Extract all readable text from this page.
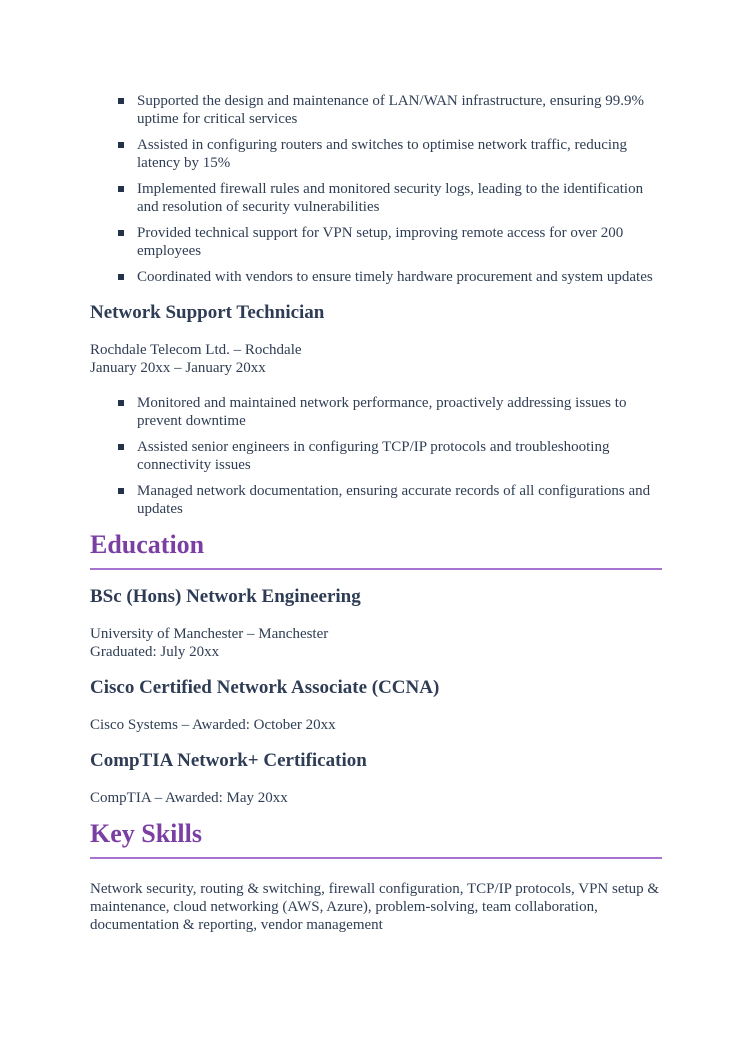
Supported the design and maintenance of LAN/WAN infrastructure, ensuring 99.9% uptime for critical services
Assisted in configuring routers and switches to optimise network traffic, reducing latency by 15%
Implemented firewall rules and monitored security logs, leading to the identification and resolution of security vulnerabilities
Provided technical support for VPN setup, improving remote access for over 200 employees
Coordinated with vendors to ensure timely hardware procurement and system updates
Network Support Technician
Rochdale Telecom Ltd. – Rochdale
January 20xx – January 20xx
Monitored and maintained network performance, proactively addressing issues to prevent downtime
Assisted senior engineers in configuring TCP/IP protocols and troubleshooting connectivity issues
Managed network documentation, ensuring accurate records of all configurations and updates
Education
BSc (Hons) Network Engineering
University of Manchester – Manchester
Graduated: July 20xx
Cisco Certified Network Associate (CCNA)
Cisco Systems – Awarded: October 20xx
CompTIA Network+ Certification
CompTIA – Awarded: May 20xx
Key Skills

Network security, routing & switching, firewall configuration, TCP/IP protocols, VPN setup & maintenance, cloud networking (AWS, Azure), problem-solving, team collaboration, documentation & reporting, vendor management
